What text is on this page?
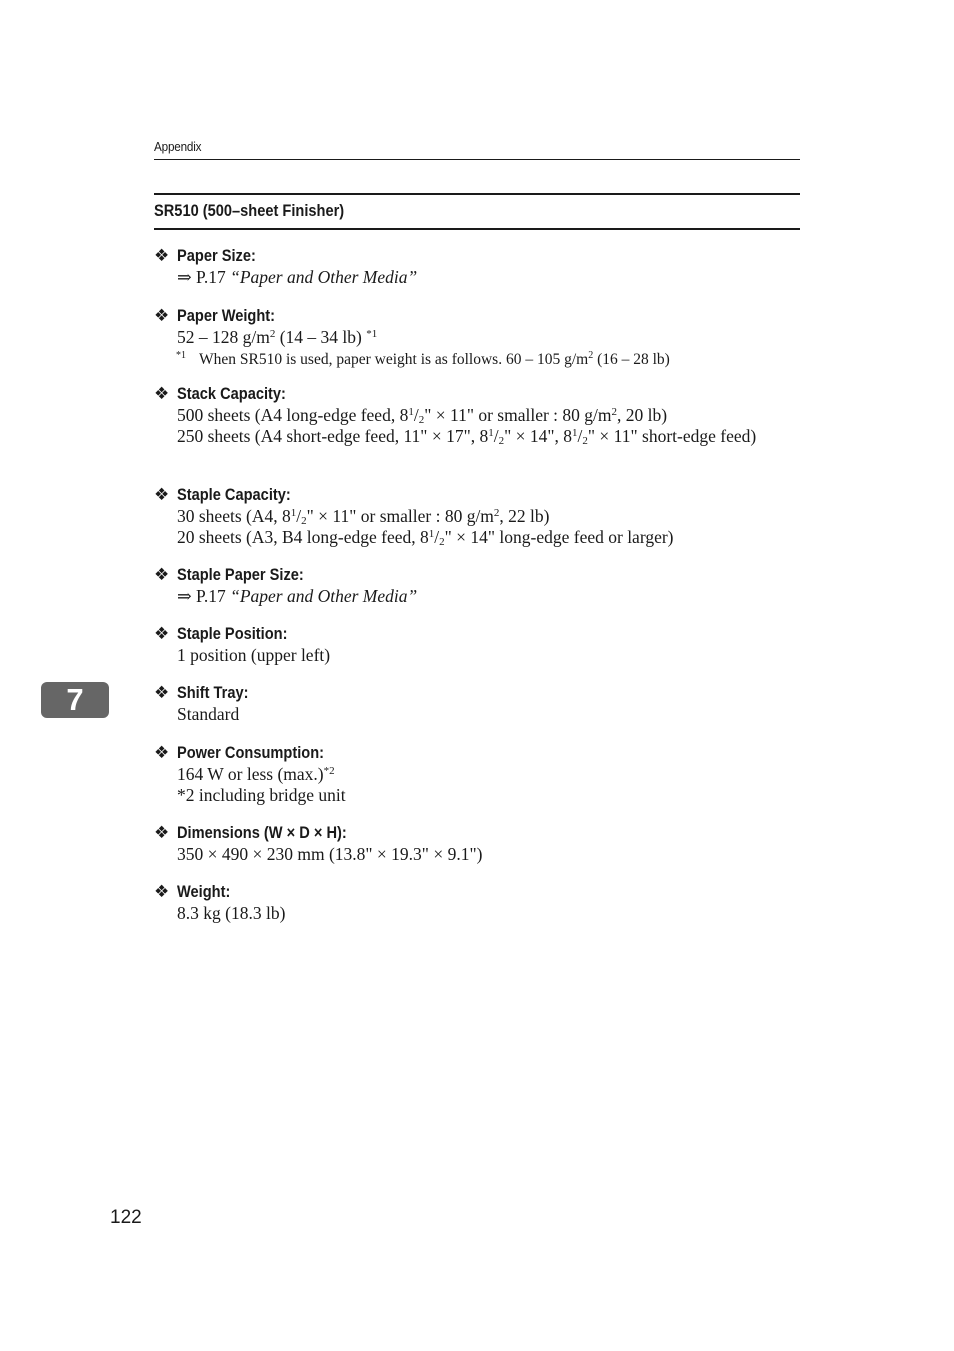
Appendix
SR510 (500–sheet Finisher)
❖ Paper Size:
⇒ P.17 “Paper and Other Media”
❖ Paper Weight:
52 – 128 $g/m^2$ (14 – 34 lb) $^{*1}$
$^{*1}$ When SR510 is used, paper weight is as follows. 60 – 105 $g/m^2$ (16 – 28 lb)
❖ Stack Capacity:
500 sheets (A4 long-edge feed, $8^1/_2$" × 11" or smaller : 80 $g/m^2$, 20 lb)
250 sheets (A4 short-edge feed, 11" × 17", $8^1/_2$" × 14", $8^1/_2$" × 11" short-edge feed)
❖ Staple Capacity:
30 sheets (A4, $8^1/_2$" × 11" or smaller : 80 $g/m^2$, 22 lb)
20 sheets (A3, B4 long-edge feed, $8^1/_2$" × 14" long-edge feed or larger)
❖ Staple Paper Size:
⇒ P.17 “Paper and Other Media”
❖ Staple Position:
1 position (upper left)
7	❖ Shift Tray:
Standard
❖ Power Consumption:
164 W or less $(\max.)^{*2}$
*2 including bridge unit
❖ Dimensions (W × D × H):
350 × 490 × 230 mm (13.8" × 19.3" × 9.1")
❖ Weight:
8.3 kg (18.3 lb)
122
